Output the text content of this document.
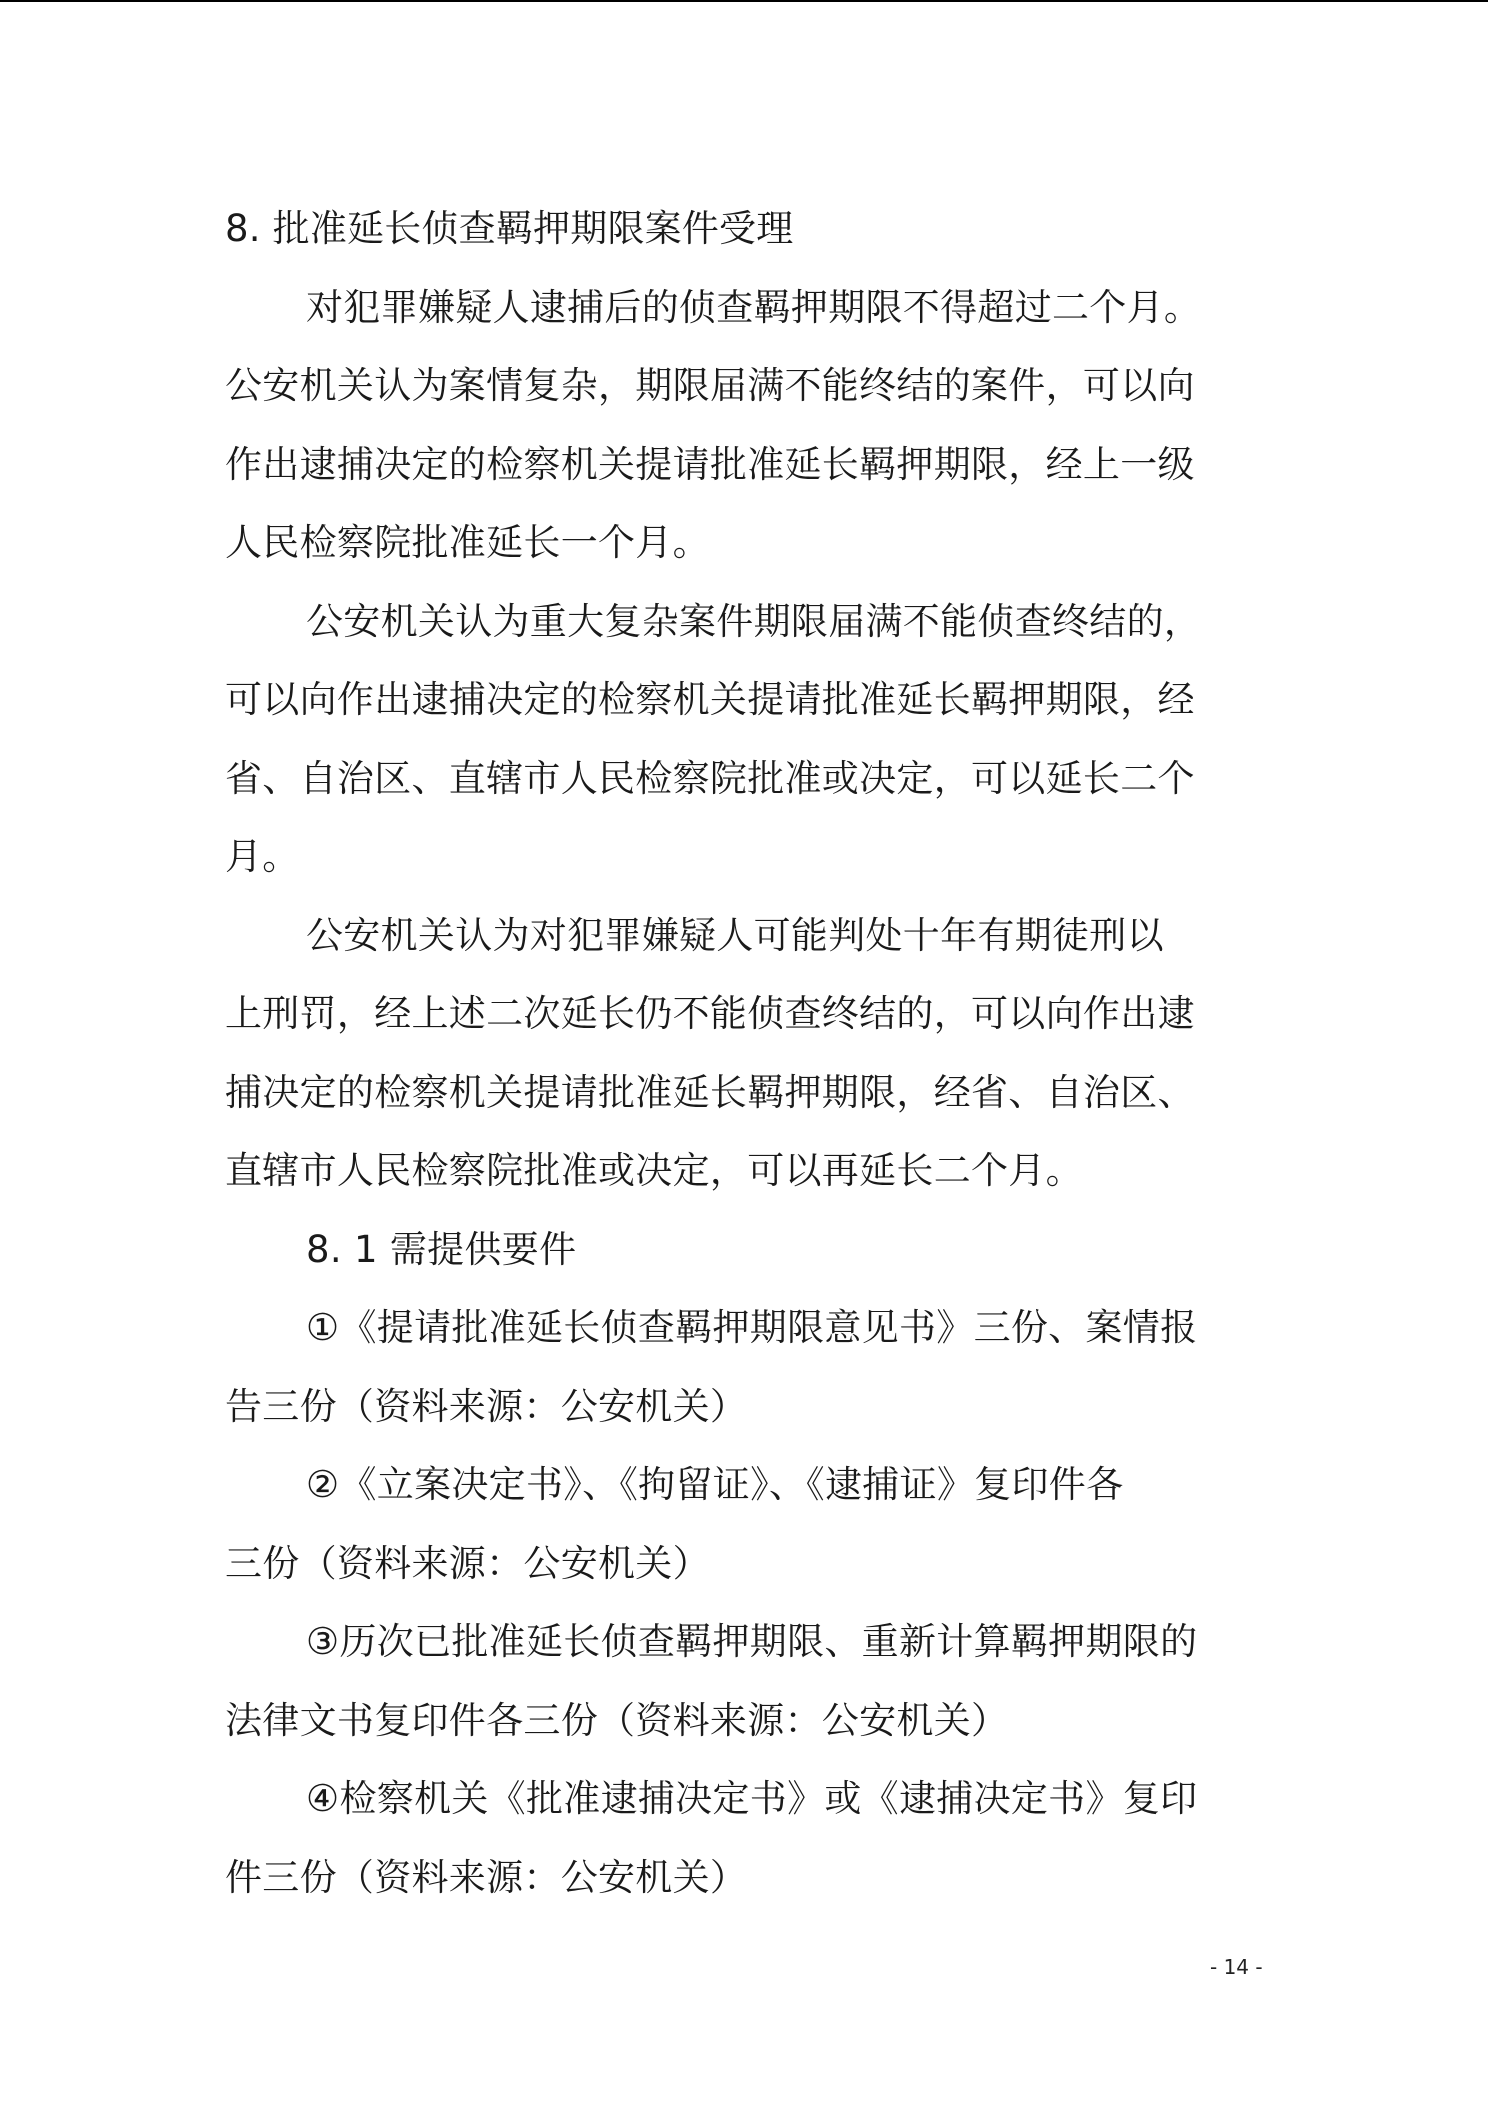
8. 批准延长侦查羁押期限案件受理
对犯罪嫌疑人逮捕后的侦查羁押期限不得超过二个月。
公安机关认为案情复杂，期限届满不能终结的案件，可以向
作出逮捕决定的检察机关提请批准延长羁押期限，经上一级
人民检察院批准延长一个月。
公安机关认为重大复杂案件期限届满不能侦查终结的，
可以向作出逮捕决定的检察机关提请批准延长羁押期限，经
省、自治区、直辖市人民检察院批准或决定，可以延长二个
月。
公安机关认为对犯罪嫌疑人可能判处十年有期徒刑以
上刑罚，经上述二次延长仍不能侦查终结的，可以向作出逮
捕决定的检察机关提请批准延长羁押期限，经省、自治区、
直辖市人民检察院批准或决定，可以再延长二个月。
8. 1 需提供要件
①《提请批准延长侦查羁押期限意见书》三份、案情报
告三份（资料来源：公安机关）
②《立案决定书》、《拘留证》、《逮捕证》复印件各
三份（资料来源：公安机关）
③历次已批准延长侦查羁押期限、重新计算羁押期限的
法律文书复印件各三份（资料来源：公安机关）
④检察机关《批准逮捕决定书》或《逮捕决定书》复印
件三份（资料来源：公安机关）
- 14 -
